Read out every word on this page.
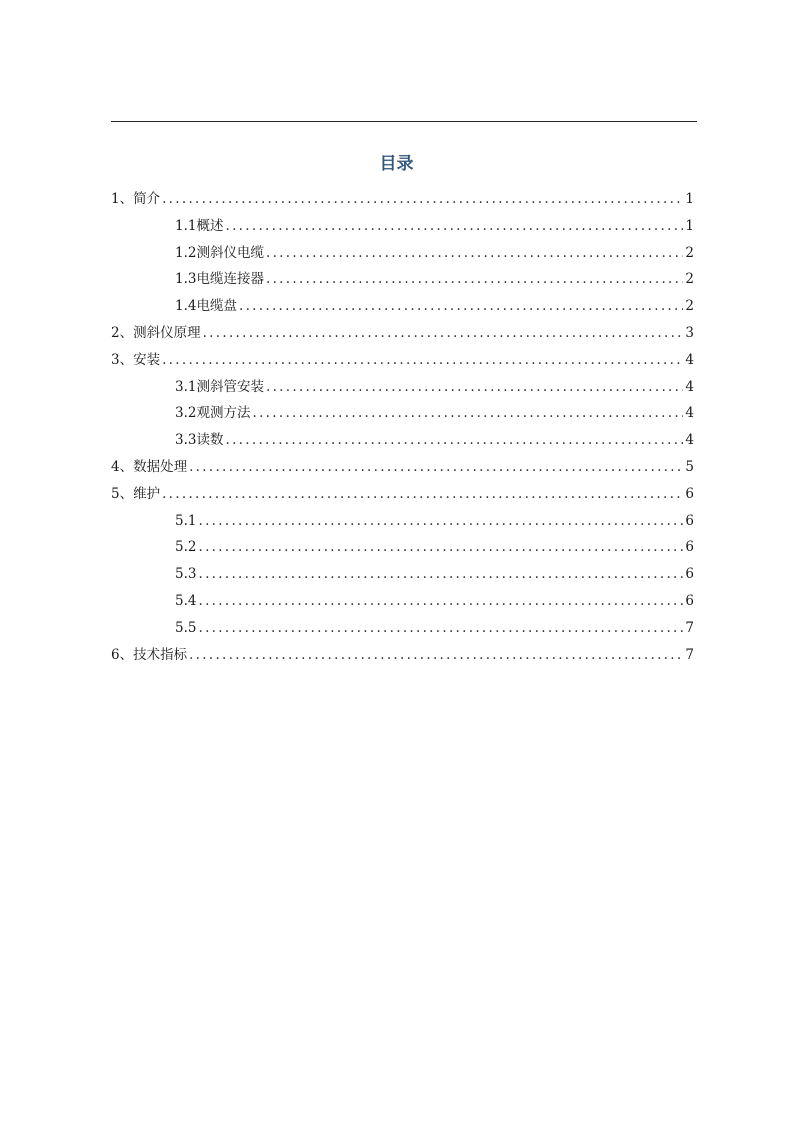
目录
1、简介 .....	1
1.1概述 .....	1
1.2测斜仪电缆 .....	2
1.3电缆连接器 .....	2
1.4电缆盘 .....	2
2、测斜仪原理 .....	3
3、安装 .....	4
3.1测斜管安装 .....	4
3.2观测方法 .....	4
3.3读数 .....	4
4、数据处理 .....	5
5、维护 .....	6
5.1 .....	6
5.2 .....	6
5.3 .....	6
5.4 .....	6
5.5 .....	7
6、技术指标 .....	7
